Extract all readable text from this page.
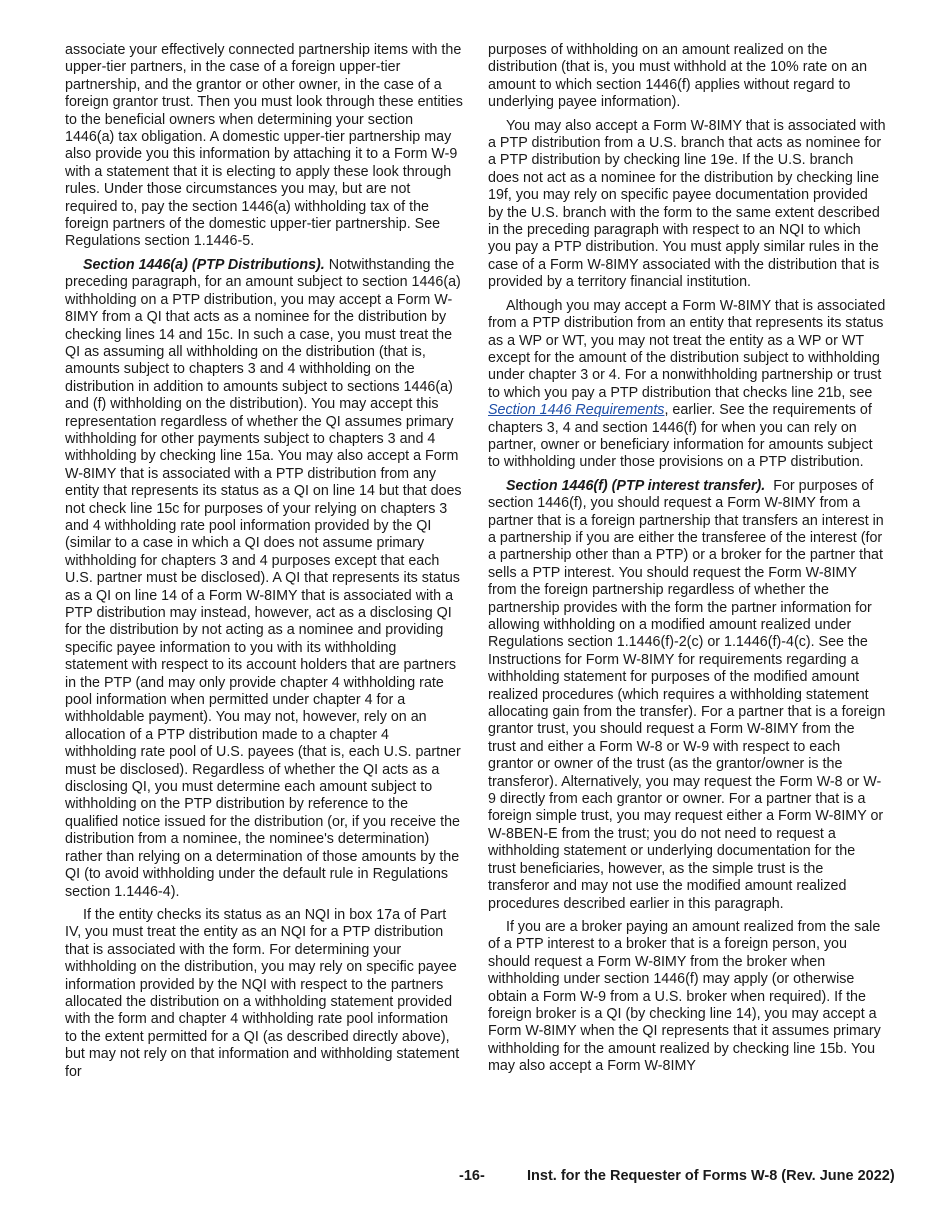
associate your effectively connected partnership items with the upper-tier partners, in the case of a foreign upper-tier partnership, and the grantor or other owner, in the case of a foreign grantor trust. Then you must look through these entities to the beneficial owners when determining your section 1446(a) tax obligation. A domestic upper-tier partnership may also provide you this information by attaching it to a Form W-9 with a statement that it is electing to apply these look through rules. Under those circumstances you may, but are not required to, pay the section 1446(a) withholding tax of the foreign partners of the domestic upper-tier partnership. See Regulations section 1.1446-5.

Section 1446(a) (PTP Distributions). Notwithstanding the preceding paragraph, for an amount subject to section 1446(a) withholding on a PTP distribution, you may accept a Form W-8IMY from a QI that acts as a nominee for the distribution by checking lines 14 and 15c. In such a case, you must treat the QI as assuming all withholding on the distribution (that is, amounts subject to chapters 3 and 4 withholding on the distribution in addition to amounts subject to sections 1446(a) and (f) withholding on the distribution). You may accept this representation regardless of whether the QI assumes primary withholding for other payments subject to chapters 3 and 4 withholding by checking line 15a. You may also accept a Form W-8IMY that is associated with a PTP distribution from any entity that represents its status as a QI on line 14 but that does not check line 15c for purposes of your relying on chapters 3 and 4 withholding rate pool information provided by the QI (similar to a case in which a QI does not assume primary withholding for chapters 3 and 4 purposes except that each U.S. partner must be disclosed). A QI that represents its status as a QI on line 14 of a Form W-8IMY that is associated with a PTP distribution may instead, however, act as a disclosing QI for the distribution by not acting as a nominee and providing specific payee information to you with its withholding statement with respect to its account holders that are partners in the PTP (and may only provide chapter 4 withholding rate pool information when permitted under chapter 4 for a withholdable payment). You may not, however, rely on an allocation of a PTP distribution made to a chapter 4 withholding rate pool of U.S. payees (that is, each U.S. partner must be disclosed). Regardless of whether the QI acts as a disclosing QI, you must determine each amount subject to withholding on the PTP distribution by reference to the qualified notice issued for the distribution (or, if you receive the distribution from a nominee, the nominee's determination) rather than relying on a determination of those amounts by the QI (to avoid withholding under the default rule in Regulations section 1.1446-4).

If the entity checks its status as an NQI in box 17a of Part IV, you must treat the entity as an NQI for a PTP distribution that is associated with the form. For determining your withholding on the distribution, you may rely on specific payee information provided by the NQI with respect to the partners allocated the distribution on a withholding statement provided with the form and chapter 4 withholding rate pool information to the extent permitted for a QI (as described directly above), but may not rely on that information and withholding statement for

purposes of withholding on an amount realized on the distribution (that is, you must withhold at the 10% rate on an amount to which section 1446(f) applies without regard to underlying payee information).

You may also accept a Form W-8IMY that is associated with a PTP distribution from a U.S. branch that acts as nominee for a PTP distribution by checking line 19e. If the U.S. branch does not act as a nominee for the distribution by checking line 19f, you may rely on specific payee documentation provided by the U.S. branch with the form to the same extent described in the preceding paragraph with respect to an NQI to which you pay a PTP distribution. You must apply similar rules in the case of a Form W-8IMY associated with the distribution that is provided by a territory financial institution.

Although you may accept a Form W-8IMY that is associated from a PTP distribution from an entity that represents its status as a WP or WT, you may not treat the entity as a WP or WT except for the amount of the distribution subject to withholding under chapter 3 or 4. For a nonwithholding partnership or trust to which you pay a PTP distribution that checks line 21b, see Section 1446 Requirements, earlier. See the requirements of chapters 3, 4 and section 1446(f) for when you can rely on partner, owner or beneficiary information for amounts subject to withholding under those provisions on a PTP distribution.

Section 1446(f) (PTP interest transfer). For purposes of section 1446(f), you should request a Form W-8IMY from a partner that is a foreign partnership that transfers an interest in a partnership if you are either the transferee of the interest (for a partnership other than a PTP) or a broker for the partner that sells a PTP interest. You should request the Form W-8IMY from the foreign partnership regardless of whether the partnership provides with the form the partner information for allowing withholding on a modified amount realized under Regulations section 1.1446(f)-2(c) or 1.1446(f)-4(c). See the Instructions for Form W-8IMY for requirements regarding a withholding statement for purposes of the modified amount realized procedures (which requires a withholding statement allocating gain from the transfer). For a partner that is a foreign grantor trust, you should request a Form W-8IMY from the trust and either a Form W-8 or W-9 with respect to each grantor or owner of the trust (as the grantor/owner is the transferor). Alternatively, you may request the Form W-8 or W-9 directly from each grantor or owner. For a partner that is a foreign simple trust, you may request either a Form W-8IMY or W-8BEN-E from the trust; you do not need to request a withholding statement or underlying documentation for the trust beneficiaries, however, as the simple trust is the transferor and may not use the modified amount realized procedures described earlier in this paragraph.

If you are a broker paying an amount realized from the sale of a PTP interest to a broker that is a foreign person, you should request a Form W-8IMY from the broker when withholding under section 1446(f) may apply (or otherwise obtain a Form W-9 from a U.S. broker when required). If the foreign broker is a QI (by checking line 14), you may accept a Form W-8IMY when the QI represents that it assumes primary withholding for the amount realized by checking line 15b. You may also accept a Form W-8IMY

-16-	Inst. for the Requester of Forms W-8 (Rev. June 2022)
